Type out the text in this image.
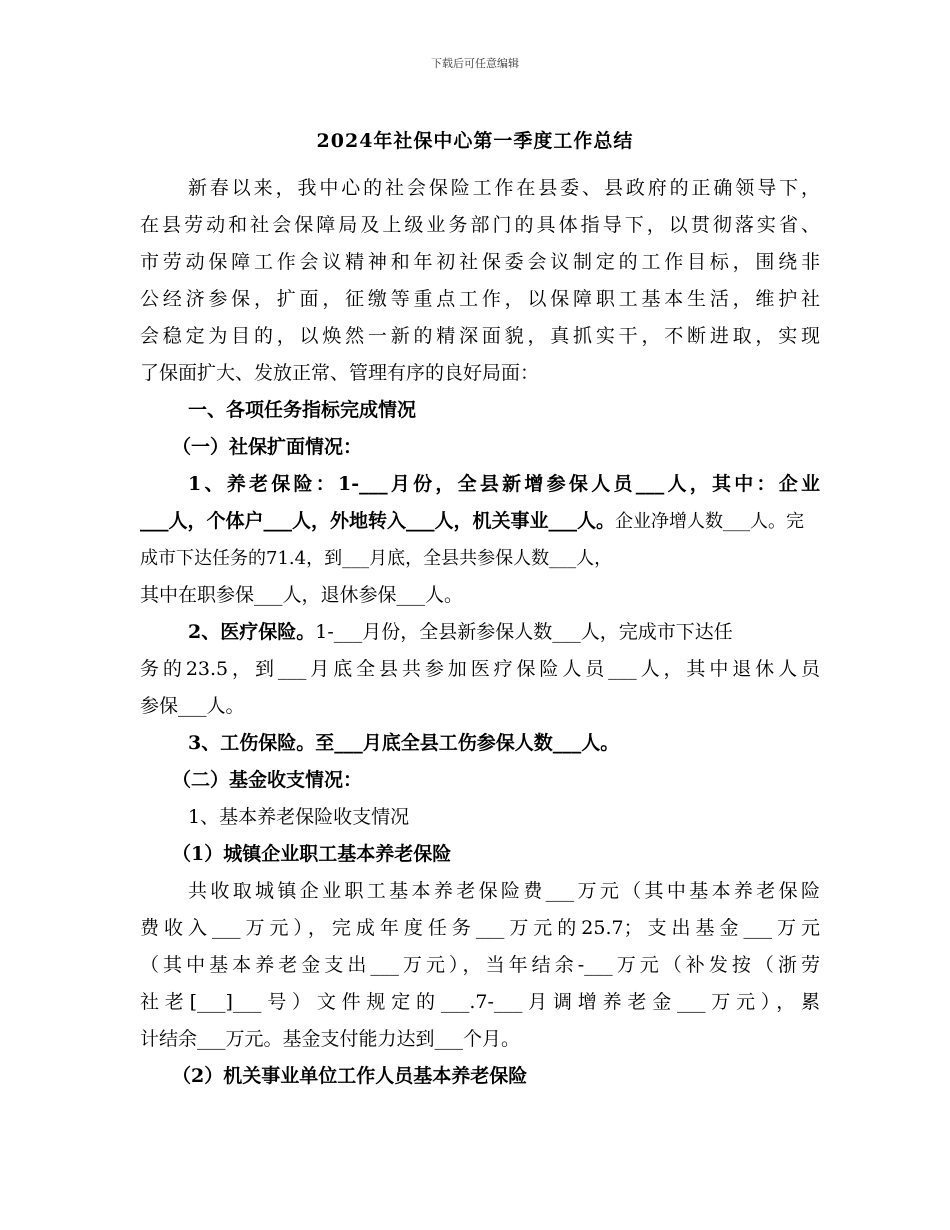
下载后可任意编辑
2024年社保中心第一季度工作总结
新春以来，我中心的社会保险工作在县委、县政府的正确领导下，
在县劳动和社会保障局及上级业务部门的具体指导下，以贯彻落实省、
市劳动保障工作会议精神和年初社保委会议制定的工作目标，围绕非
公经济参保，扩面，征缴等重点工作，以保障职工基本生活，维护社
会稳定为目的，以焕然一新的精深面貌，真抓实干，不断进取，实现
了保面扩大、发放正常、管理有序的良好局面：
一、各项任务指标完成情况
（一）社保扩面情况：
1、养老保险：1-___月份，全县新增参保人员___人，其中：企业
___人，个体户___人，外地转入___人，机关事业___人。企业净增人数___人。完成市下达任务的71.4，到___月底，全县共参保人数___人，
其中在职参保___人，退休参保___人。
2、医疗保险。1-___月份，全县新参保人数___人，完成市下达任
务的23.5，到___月底全县共参加医疗保险人员___人，其中退休人员
参保___人。
3、工伤保险。至___月底全县工伤参保人数___人。
（二）基金收支情况：
1、基本养老保险收支情况
（1）城镇企业职工基本养老保险
共收取城镇企业职工基本养老保险费___万元（其中基本养老保险
费收入___万元），完成年度任务___万元的25.7；支出基金___万元
（其中基本养老金支出___万元），当年结余-___万元（补发按（浙劳
社老[___]___号）文件规定的___.7-___月调增养老金___万元），累
计结余___万元。基金支付能力达到___个月。
（2）机关事业单位工作人员基本养老保险
